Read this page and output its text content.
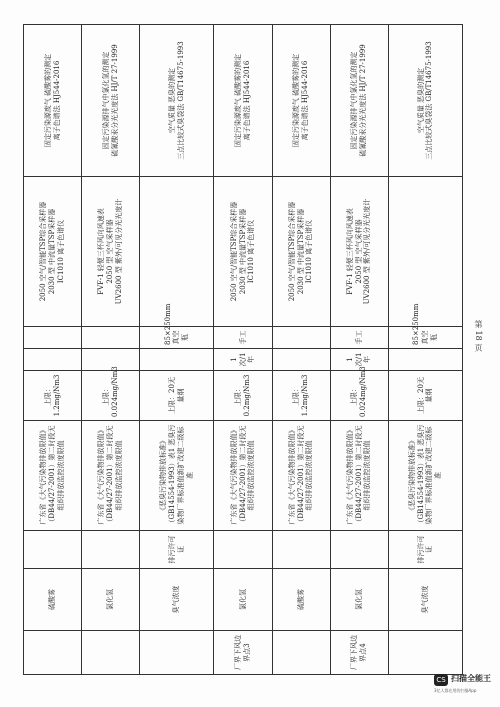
	硫酸雾		广东省《大气污染物排放限值》（DB44/27-2001）第二时段无组织排放监控浓度限值	上限：1.2mg/Nm3			2050 空气/智能TSP综合采样器 2030 型 中流量TSP采样器 IC1010 离子色谱仪	固定污染源废气 硫酸雾的测定 离子色谱法 HJ544-2016

	氯化氢		广东省《大气污染物排放限值》（DB44/27-2001）第二时段无组织排放监控浓度限值	上限：0.024mg/Nm3			FVF-1 轻便三杯风向风速表 2050 型 空气采样器 UV2600 型 紫外/可见分光光度计	固定污染源排气中氯化氢的测定 硫氰酸汞分光光度法 HJ/T 27-1999

	臭气浓度	排污许可证	《恶臭污染物排放标准》（GB14554-1993）表1 恶臭污染物厂界标准值新扩改建二级标准	上限：20无量纲		85×250mm真空瓶		空气质量 恶臭的测定 三点比较式臭袋法 GB/T14675-1993

厂界下风边界点3	氯化氢		广东省《大气污染物排放限值》（DB44/27-2001）第二时段无组织排放监控浓度限值	上限：0.2mg/Nm3	1次/1年	手工	2050 空气/智能TSP综合采样器 2030 型 中流量TSP采样器 IC1010 离子色谱仪	固定污染源废气 硫酸雾的测定 离子色谱法 HJ544-2016

	硫酸雾		广东省《大气污染物排放限值》（DB44/27-2001）第二时段无组织排放监控浓度限值	上限：1.2mg/Nm3			2050 空气/智能TSP综合采样器 2030 型 中流量TSP采样器 IC1010 离子色谱仪	固定污染源废气 硫酸雾的测定 离子色谱法 HJ544-2016

厂界下风边界点4	氯化氢		广东省《大气污染物排放限值》（DB44/27-2001）第二时段无组织排放监控浓度限值	上限：0.024mg/Nm3	1次/1年	手工	FVF-1 轻便三杯风向风速表 2050 型 空气采样器 UV2600 型 紫外/可见分光光度计	固定污染源排气中氯化氢的测定 硫氰酸汞分光光度法 HJ/T 27-1999

	臭气浓度	排污许可证	《恶臭污染物排放标准》（GB14554-1993）表1 恶臭污染物厂界标准值新扩改建二级标准	上限：20无量纲		85×250mm真空瓶		空气质量 恶臭的测定 三点比较式臭袋法 GB/T14675-1993
第 18 页
CS 扫描全能王
3亿人都在用的扫描App
